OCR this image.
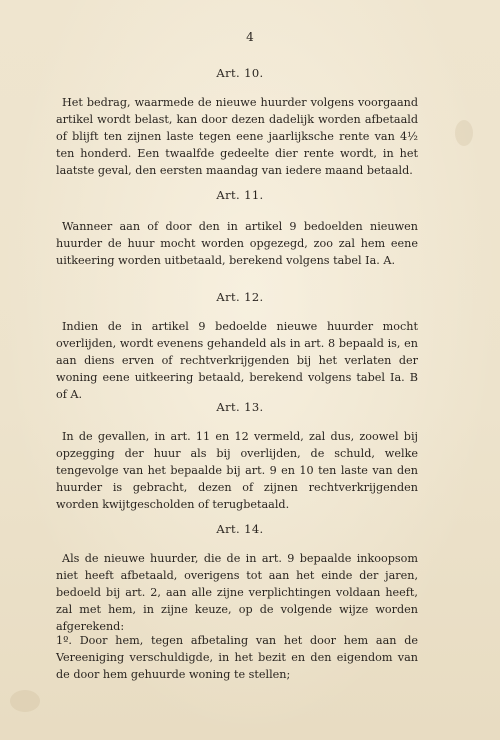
4
Art. 10.
Het bedrag, waarmede de nieuwe huurder volgens voorgaand artikel wordt belast, kan door dezen dadelijk worden afbetaald of blijft ten zijnen laste tegen eene jaarlijksche rente van 4½ ten honderd. Een twaalfde gedeelte dier rente wordt, in het laatste geval, den eersten maandag van iedere maand betaald.
Art. 11.
Wanneer aan of door den in artikel 9 bedoelden nieuwen huurder de huur mocht worden opgezegd, zoo zal hem eene uitkeering worden uitbetaald, berekend volgens tabel Ia. A.
Art. 12.
Indien de in artikel 9 bedoelde nieuwe huurder mocht overlijden, wordt evenens gehandeld als in art. 8 bepaald is, en aan diens erven of rechtverkrijgenden bij het verlaten der woning eene uitkeering betaald, berekend volgens tabel Ia. B of A.
Art. 13.
In de gevallen, in art. 11 en 12 vermeld, zal dus, zoowel bij opzegging der huur als bij overlijden, de schuld, welke tengevolge van het bepaalde bij art. 9 en 10 ten laste van den huurder is gebracht, dezen of zijnen rechtverkrijgenden worden kwijtgescholden of terugbetaald.
Art. 14.
Als de nieuwe huurder, die de in art. 9 bepaalde inkoopsom niet heeft afbetaald, overigens tot aan het einde der jaren, bedoeld bij art. 2, aan alle zijne verplichtingen voldaan heeft, zal met hem, in zijne keuze, op de volgende wijze worden afgerekend:
1º. Door hem, tegen afbetaling van het door hem aan de Vereeniging verschuldigde, in het bezit en den eigendom van de door hem gehuurde woning te stellen;
